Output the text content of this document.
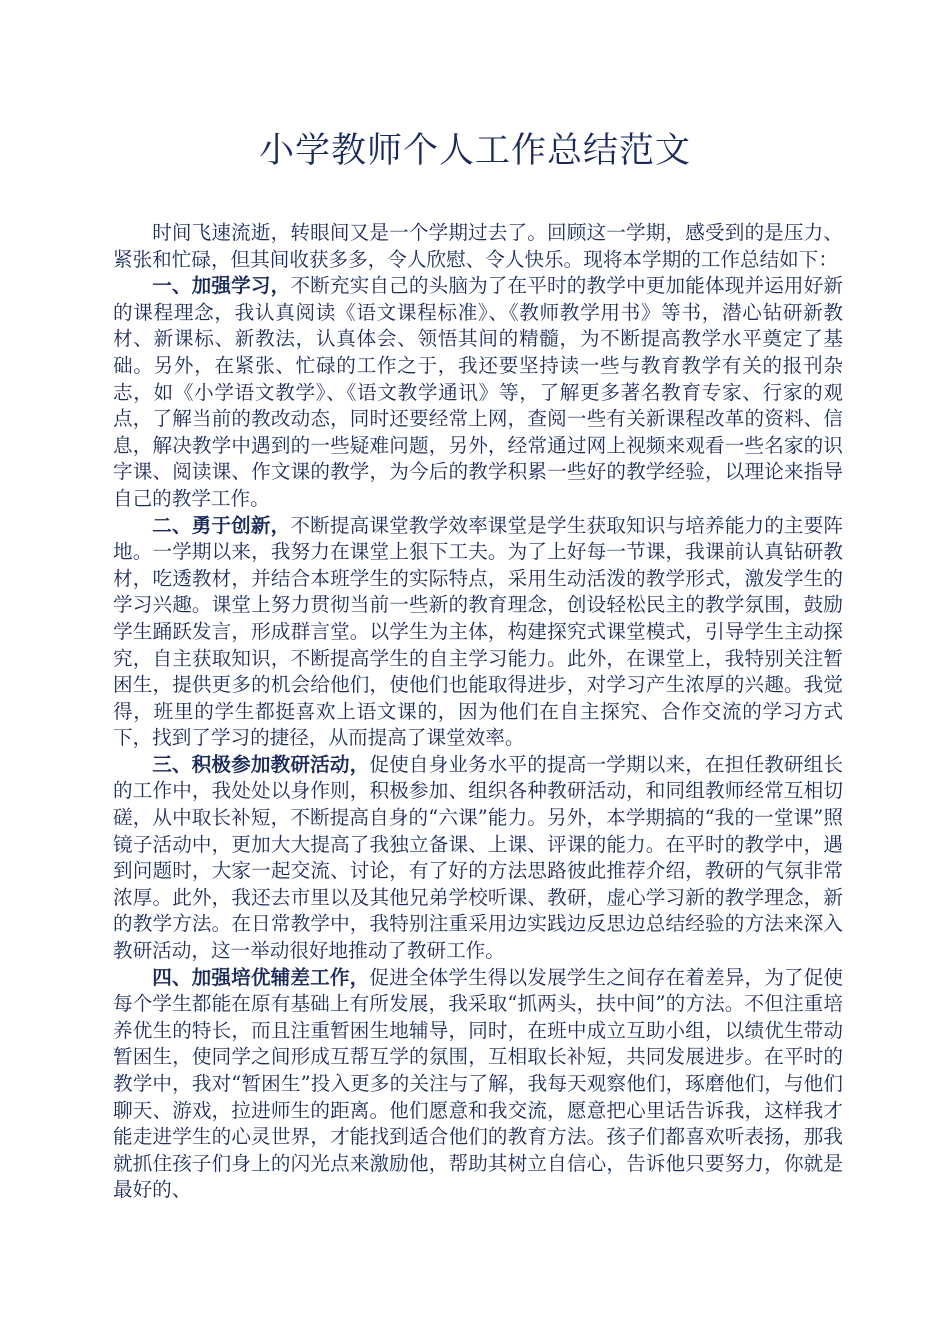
小学教师个人工作总结范文

时间飞速流逝，转眼间又是一个学期过去了。回顾这一学期，感受到的是压力、紧张和忙碌，但其间收获多多，令人欣慰、令人快乐。现将本学期的工作总结如下：

一、加强学习，不断充实自己的头脑为了在平时的教学中更加能体现并运用好新的课程理念，我认真阅读《语文课程标准》、《教师教学用书》等书，潜心钻研新教材、新课标、新教法，认真体会、领悟其间的精髓，为不断提高教学水平奠定了基础。另外，在紧张、忙碌的工作之于，我还要坚持读一些与教育教学有关的报刊杂志，如《小学语文教学》、《语文教学通讯》等，了解更多著名教育专家、行家的观点，了解当前的教改动态，同时还要经常上网，查阅一些有关新课程改革的资料、信息，解决教学中遇到的一些疑难问题，另外，经常通过网上视频来观看一些名家的识字课、阅读课、作文课的教学，为今后的教学积累一些好的教学经验，以理论来指导自己的教学工作。

二、勇于创新，不断提高课堂教学效率课堂是学生获取知识与培养能力的主要阵地。一学期以来，我努力在课堂上狠下工夫。为了上好每一节课，我课前认真钻研教材，吃透教材，并结合本班学生的实际特点，采用生动活泼的教学形式，激发学生的学习兴趣。课堂上努力贯彻当前一些新的教育理念，创设轻松民主的教学氛围，鼓励学生踊跃发言，形成群言堂。以学生为主体，构建探究式课堂模式，引导学生主动探究，自主获取知识，不断提高学生的自主学习能力。此外，在课堂上，我特别关注暂困生，提供更多的机会给他们，使他们也能取得进步，对学习产生浓厚的兴趣。我觉得，班里的学生都挺喜欢上语文课的，因为他们在自主探究、合作交流的学习方式下，找到了学习的捷径，从而提高了课堂效率。

三、积极参加教研活动，促使自身业务水平的提高一学期以来，在担任教研组长的工作中，我处处以身作则，积极参加、组织各种教研活动，和同组教师经常互相切磋，从中取长补短，不断提高自身的“六课”能力。另外，本学期搞的“我的一堂课”照镜子活动中，更加大大提高了我独立备课、上课、评课的能力。在平时的教学中，遇到问题时，大家一起交流、讨论，有了好的方法思路彼此推荐介绍，教研的气氛非常浓厚。此外，我还去市里以及其他兄弟学校听课、教研，虚心学习新的教学理念，新的教学方法。在日常教学中，我特别注重采用边实践边反思边总结经验的方法来深入教研活动，这一举动很好地推动了教研工作。

四、加强培优辅差工作，促进全体学生得以发展学生之间存在着差异，为了促使每个学生都能在原有基础上有所发展，我采取“抓两头，扶中间”的方法。不但注重培养优生的特长，而且注重暂困生地辅导，同时，在班中成立互助小组，以绩优生带动暂困生，使同学之间形成互帮互学的氛围，互相取长补短，共同发展进步。在平时的教学中，我对“暂困生”投入更多的关注与了解，我每天观察他们，琢磨他们，与他们聊天、游戏，拉进师生的距离。他们愿意和我交流，愿意把心里话告诉我，这样我才能走进学生的心灵世界，才能找到适合他们的教育方法。孩子们都喜欢听表扬，那我就抓住孩子们身上的闪光点来激励他，帮助其树立自信心，告诉他只要努力，你就是最好的、
